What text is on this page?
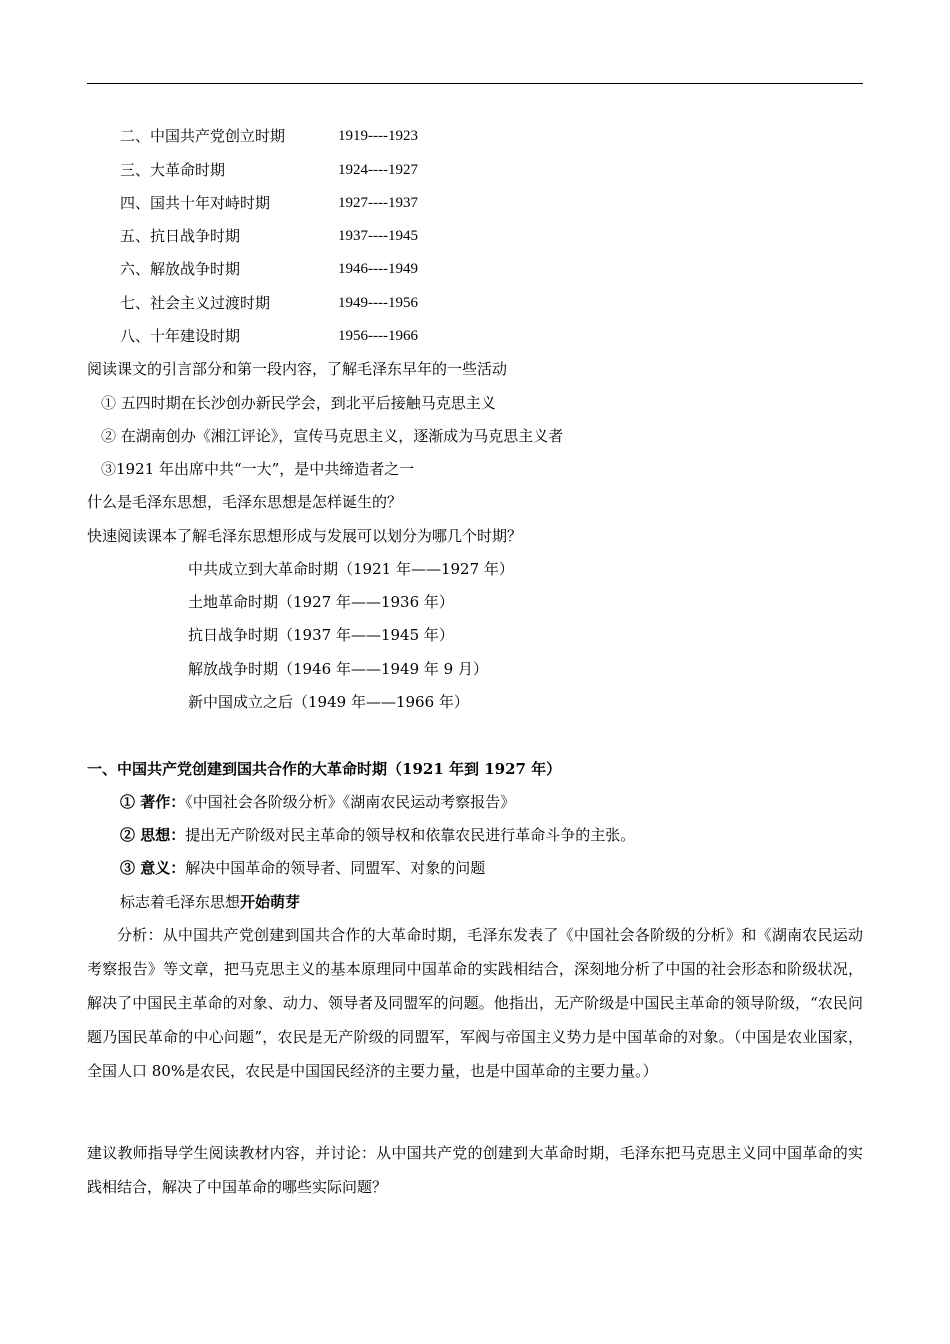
二、中国共产党创立时期	1919----1923
三、大革命时期	1924----1927
四、国共十年对峙时期	1927----1937
五、抗日战争时期	1937----1945
六、解放战争时期	1946----1949
七、社会主义过渡时期	1949----1956
八、十年建设时期	1956----1966
阅读课文的引言部分和第一段内容，了解毛泽东早年的一些活动
① 五四时期在长沙创办新民学会，到北平后接触马克思主义
② 在湖南创办《湘江评论》，宣传马克思主义，逐渐成为马克思主义者
③1921 年出席中共“一大”，是中共缔造者之一
什么是毛泽东思想，毛泽东思想是怎样诞生的？
快速阅读课本了解毛泽东思想形成与发展可以划分为哪几个时期？
中共成立到大革命时期（1921 年——1927 年）
土地革命时期（1927 年——1936 年）
抗日战争时期（1937 年——1945 年）
解放战争时期（1946 年——1949 年 9 月）
新中国成立之后（1949 年——1966 年）
一、中国共产党创建到国共合作的大革命时期（1921 年到 1927 年）
① 著作：《中国社会各阶级分析》《湖南农民运动考察报告》
② 思想：提出无产阶级对民主革命的领导权和依靠农民进行革命斗争的主张。
③ 意义：解决中国革命的领导者、同盟军、对象的问题
标志着毛泽东思想开始萌芽
分析：从中国共产党创建到国共合作的大革命时期，毛泽东发表了《中国社会各阶级的分析》和《湖南农民运动考察报告》等文章，把马克思主义的基本原理同中国革命的实践相结合，深刻地分析了中国的社会形态和阶级状况，解决了中国民主革命的对象、动力、领导者及同盟军的问题。他指出，无产阶级是中国民主革命的领导阶级，“农民问题乃国民革命的中心问题”，农民是无产阶级的同盟军，军阀与帝国主义势力是中国革命的对象。（中国是农业国家，全国人口 80%是农民，农民是中国国民经济的主要力量，也是中国革命的主要力量。）
建议教师指导学生阅读教材内容，并讨论：从中国共产党的创建到大革命时期，毛泽东把马克思主义同中国革命的实践相结合，解决了中国革命的哪些实际问题？
